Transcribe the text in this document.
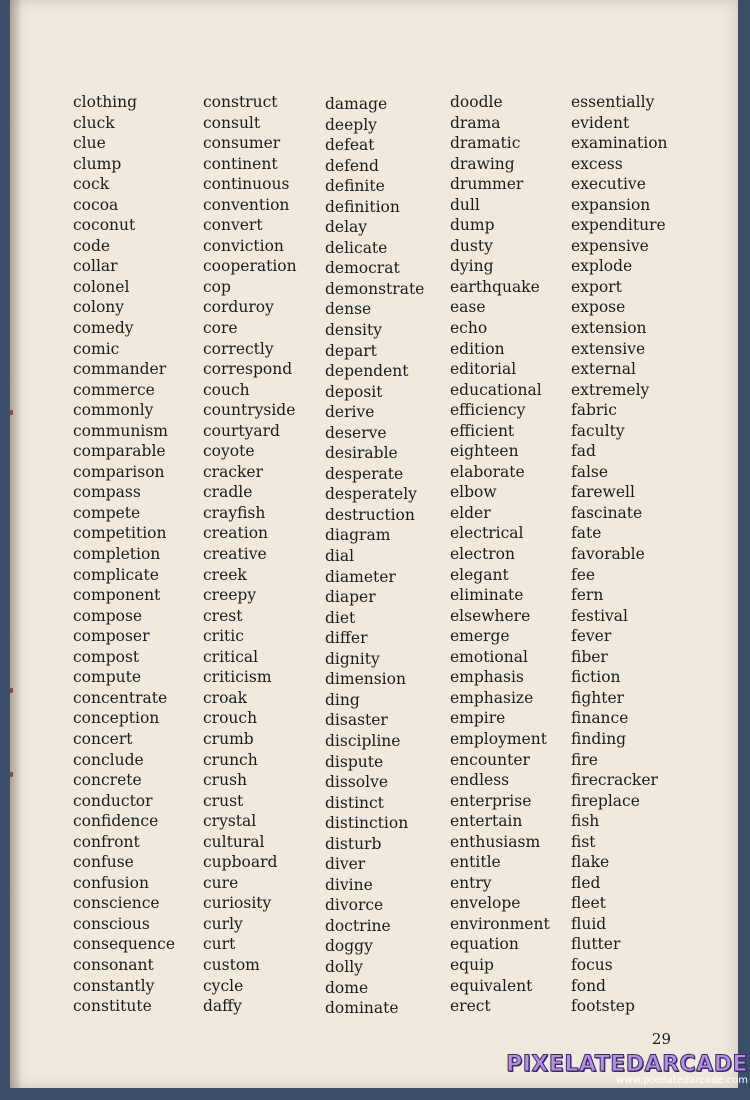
clothing
cluck
clue
clump
cock
cocoa
coconut
code
collar
colonel
colony
comedy
comic
commander
commerce
commonly
communism
comparable
comparison
compass
compete
competition
completion
complicate
component
compose
composer
compost
compute
concentrate
conception
concert
conclude
concrete
conductor
confidence
confront
confuse
confusion
conscience
conscious
consequence
consonant
constantly
constitute
construct
consult
consumer
continent
continuous
convention
convert
conviction
cooperation
cop
corduroy
core
correctly
correspond
couch
countryside
courtyard
coyote
cracker
cradle
crayfish
creation
creative
creek
creepy
crest
critic
critical
criticism
croak
crouch
crumb
crunch
crush
crust
crystal
cultural
cupboard
cure
curiosity
curly
curt
custom
cycle
daffy
damage
deeply
defeat
defend
definite
definition
delay
delicate
democrat
demonstrate
dense
density
depart
dependent
deposit
derive
deserve
desirable
desperate
desperately
destruction
diagram
dial
diameter
diaper
diet
differ
dignity
dimension
ding
disaster
discipline
dispute
dissolve
distinct
distinction
disturb
diver
divine
divorce
doctrine
doggy
dolly
dome
dominate
doodle
drama
dramatic
drawing
drummer
dull
dump
dusty
dying
earthquake
ease
echo
edition
editorial
educational
efficiency
efficient
eighteen
elaborate
elbow
elder
electrical
electron
elegant
eliminate
elsewhere
emerge
emotional
emphasis
emphasize
empire
employment
encounter
endless
enterprise
entertain
enthusiasm
entitle
entry
envelope
environment
equation
equip
equivalent
erect
essentially
evident
examination
excess
executive
expansion
expenditure
expensive
explode
export
expose
extension
extensive
external
extremely
fabric
faculty
fad
false
farewell
fascinate
fate
favorable
fee
fern
festival
fever
fiber
fiction
fighter
finance
finding
fire
firecracker
fireplace
fish
fist
flake
fled
fleet
fluid
flutter
focus
fond
footstep
29
PIXELATEDARCADE
www.pixelatedarcade.com
